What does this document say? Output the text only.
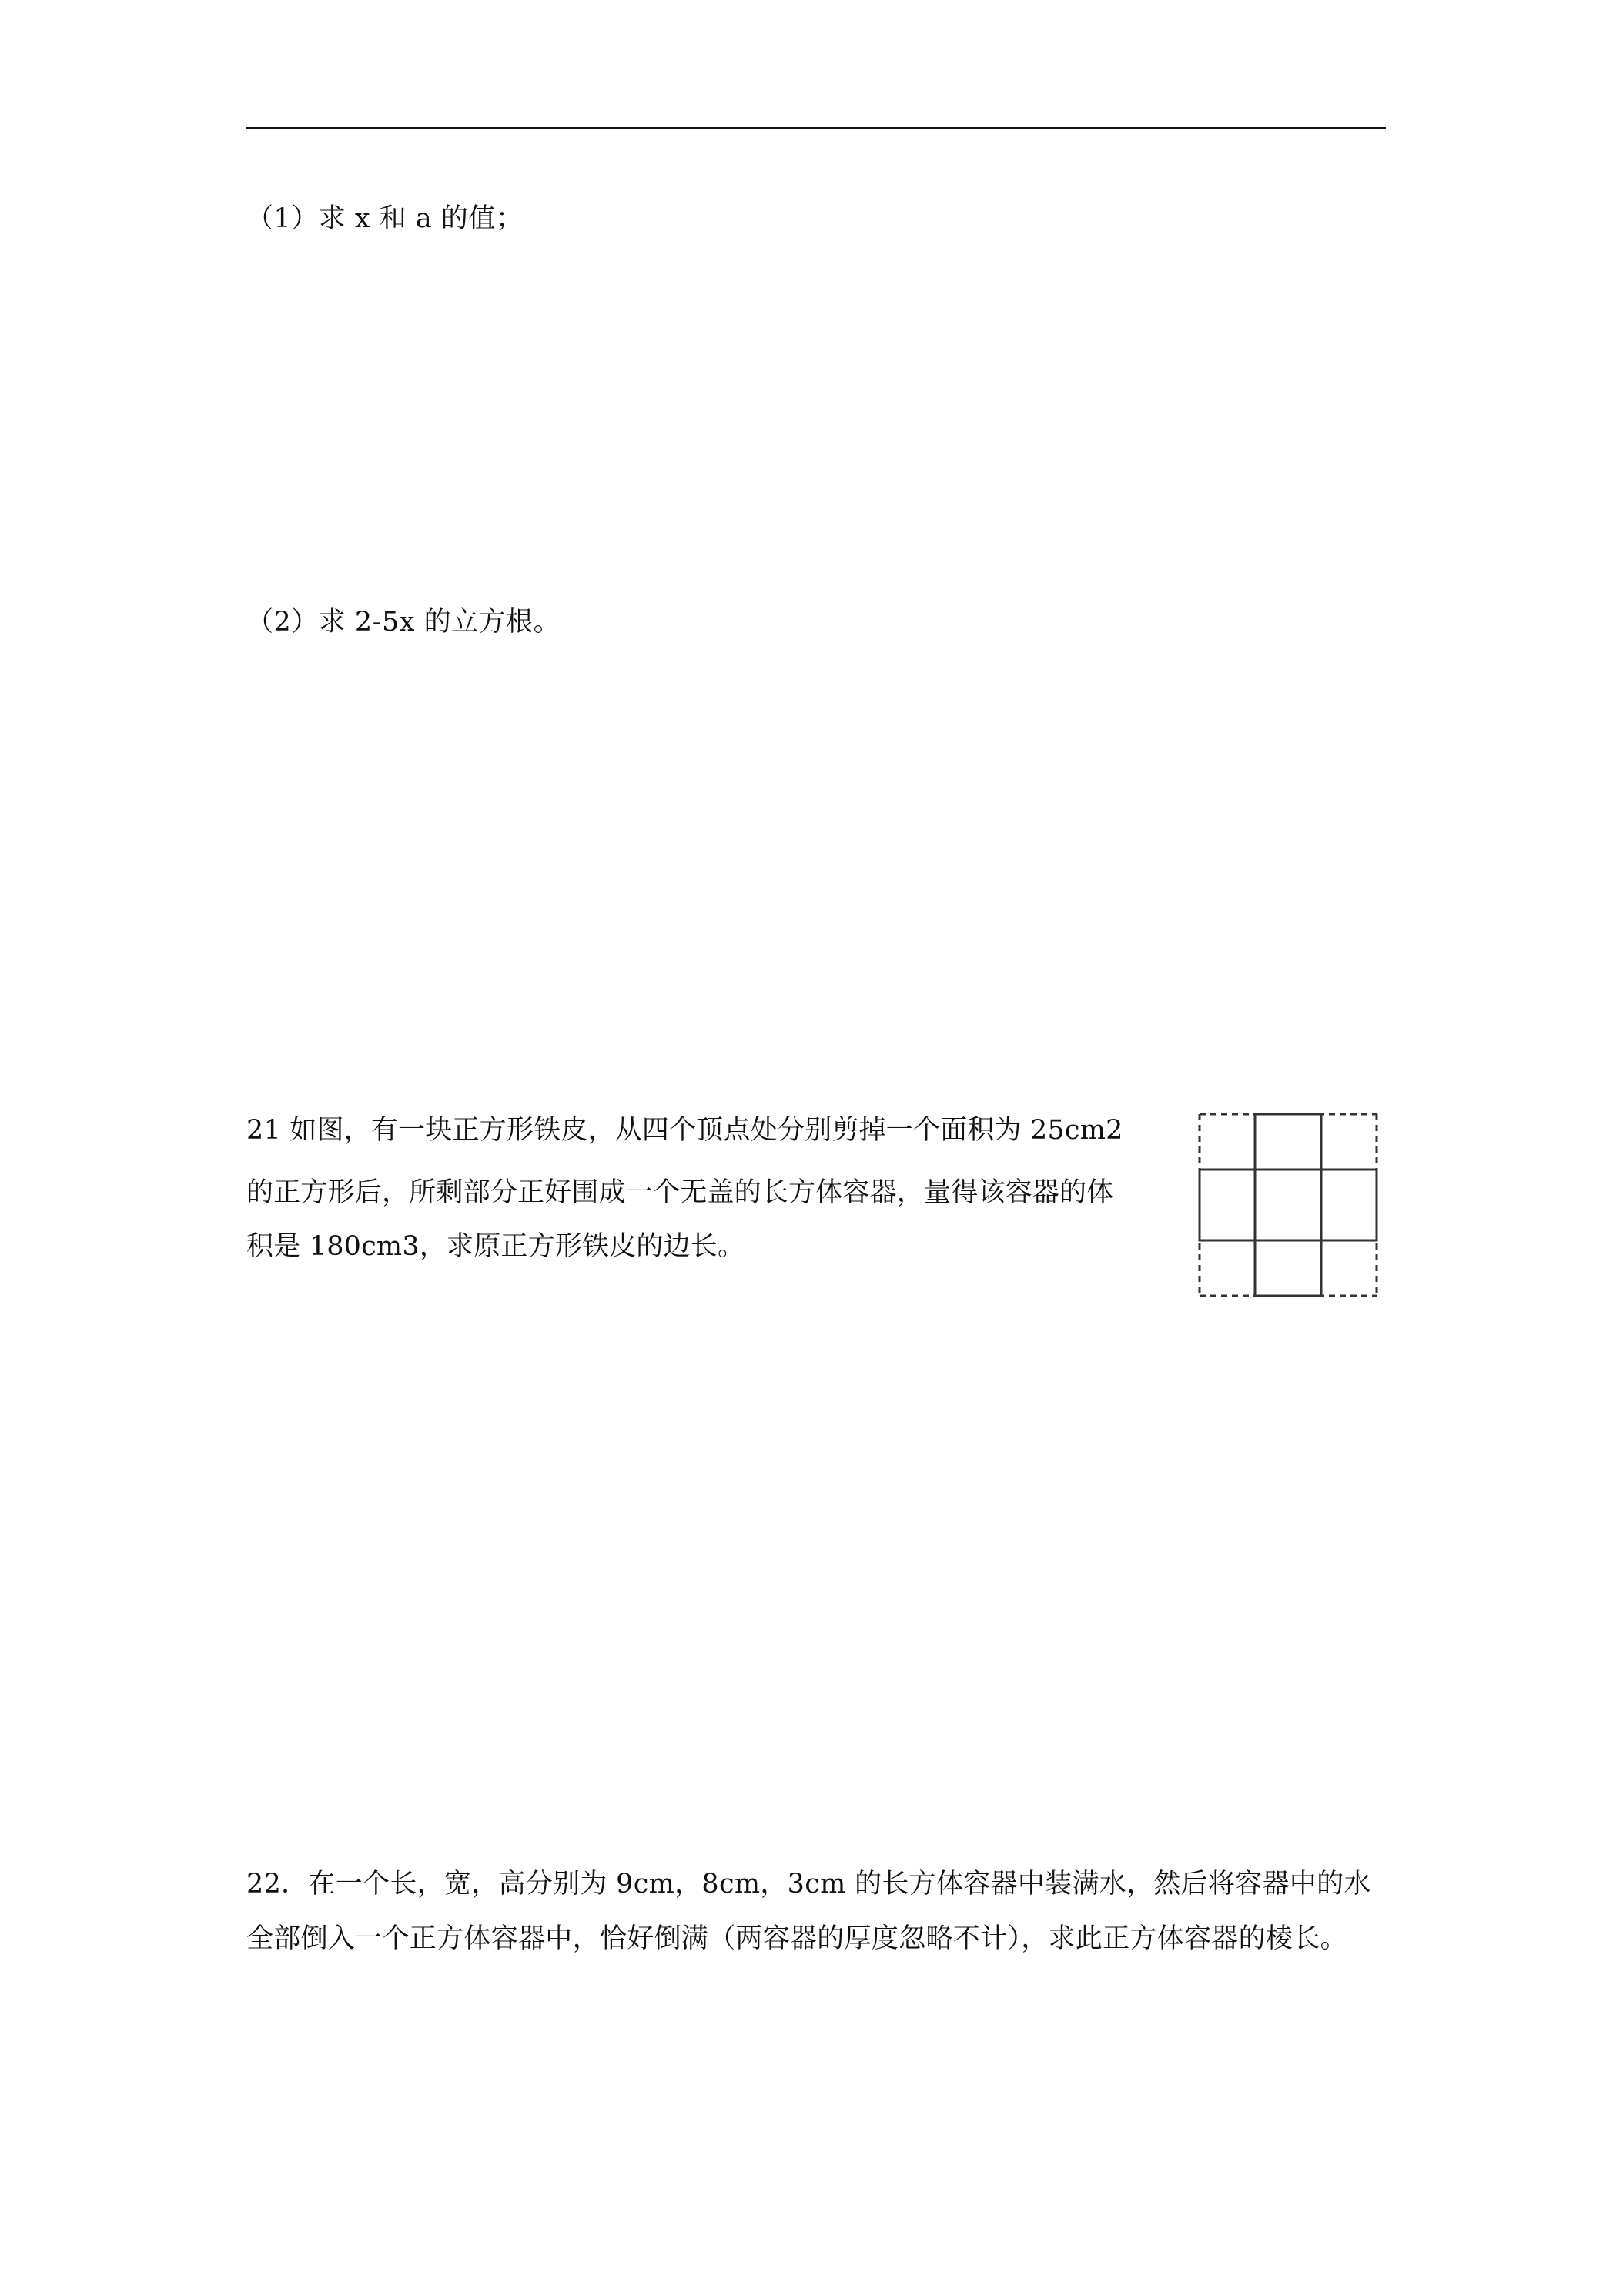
（1）求 x 和 a 的值；
（2）求 2-5x 的立方根。
21 如图，有一块正方形铁皮，从四个顶点处分别剪掉一个面积为 25cm2
的正方形后，所剩部分正好围成一个无盖的长方体容器，量得该容器的体
积是 180cm3，求原正方形铁皮的边长。
22．在一个长，宽，高分别为 9cm，8cm，3cm 的长方体容器中装满水，然后将容器中的水
全部倒入一个正方体容器中，恰好倒满（两容器的厚度忽略不计），求此正方体容器的棱长。
